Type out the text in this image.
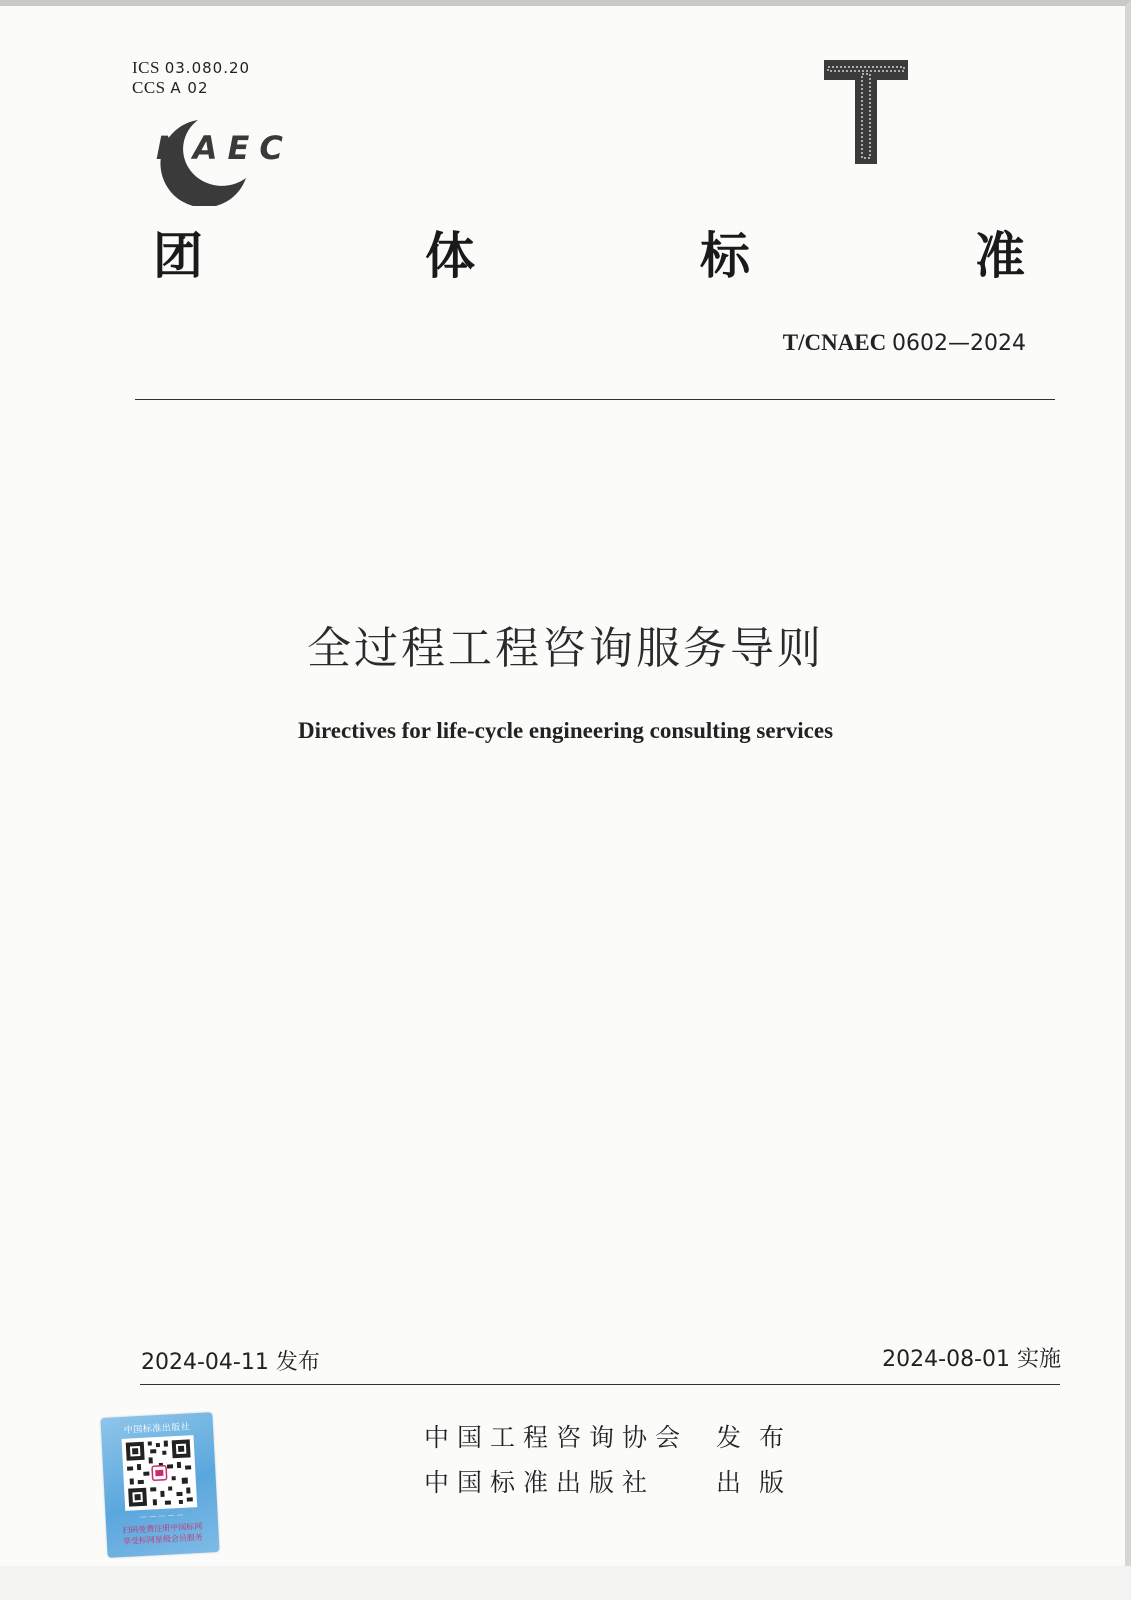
ICS 03.080.20
CCS A 02
NAEC
团	体	标	准
T/CNAEC 0602—2024
全过程工程咨询服务导则
Directives for life-cycle engineering consulting services
2024-04-11 发布	2024-08-01 实施
中国工程咨询协会 发布
中国标准出版社 出版
中国标准出版社
— — — — —
扫码免费注册中国标网
享受标网星级会员服务
